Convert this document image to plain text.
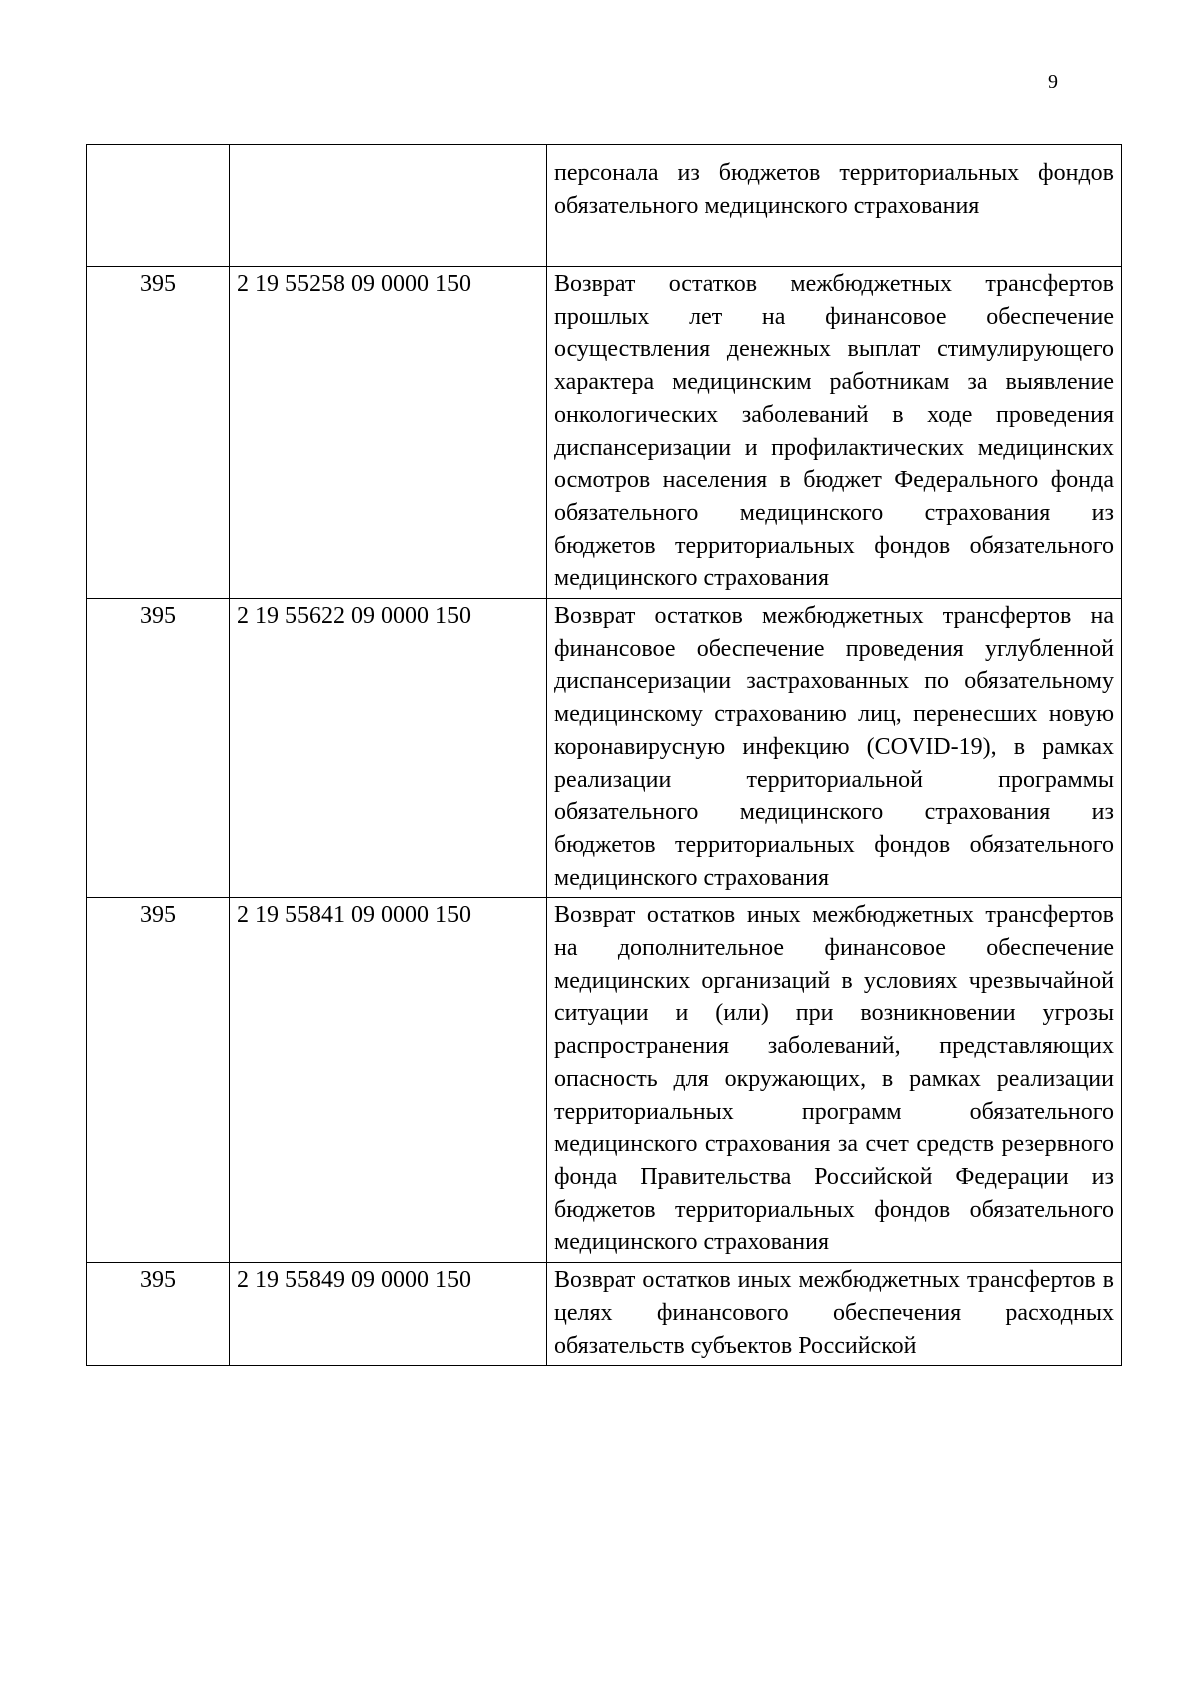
9
		персонала из бюджетов территориальных фондов обязательного медицинского страхования
395	2 19 55258 09 0000 150	Возврат остатков межбюджетных трансфертов прошлых лет на финансовое обеспечение осуществления денежных выплат стимулирующего характера медицинским работникам за выявление онкологических заболеваний в ходе проведения диспансеризации и профилактических медицинских осмотров населения в бюджет Федерального фонда обязательного медицинского страхования из бюджетов территориальных фондов обязательного медицинского страхования
395	2 19 55622 09 0000 150	Возврат остатков межбюджетных трансфертов на финансовое обеспечение проведения углубленной диспансеризации застрахованных по обязательному медицинскому страхованию лиц, перенесших новую коронавирусную инфекцию (COVID-19), в рамках реализации территориальной программы обязательного медицинского страхования из бюджетов территориальных фондов обязательного медицинского страхования
395	2 19 55841 09 0000 150	Возврат остатков иных межбюджетных трансфертов на дополнительное финансовое обеспечение медицинских организаций в условиях чрезвычайной ситуации и (или) при возникновении угрозы распространения заболеваний, представляющих опасность для окружающих, в рамках реализации территориальных программ обязательного медицинского страхования за счет средств резервного фонда Правительства Российской Федерации из бюджетов территориальных фондов обязательного медицинского страхования
395	2 19 55849 09 0000 150	Возврат остатков иных межбюджетных трансфертов в целях финансового обеспечения расходных обязательств субъектов Российской
